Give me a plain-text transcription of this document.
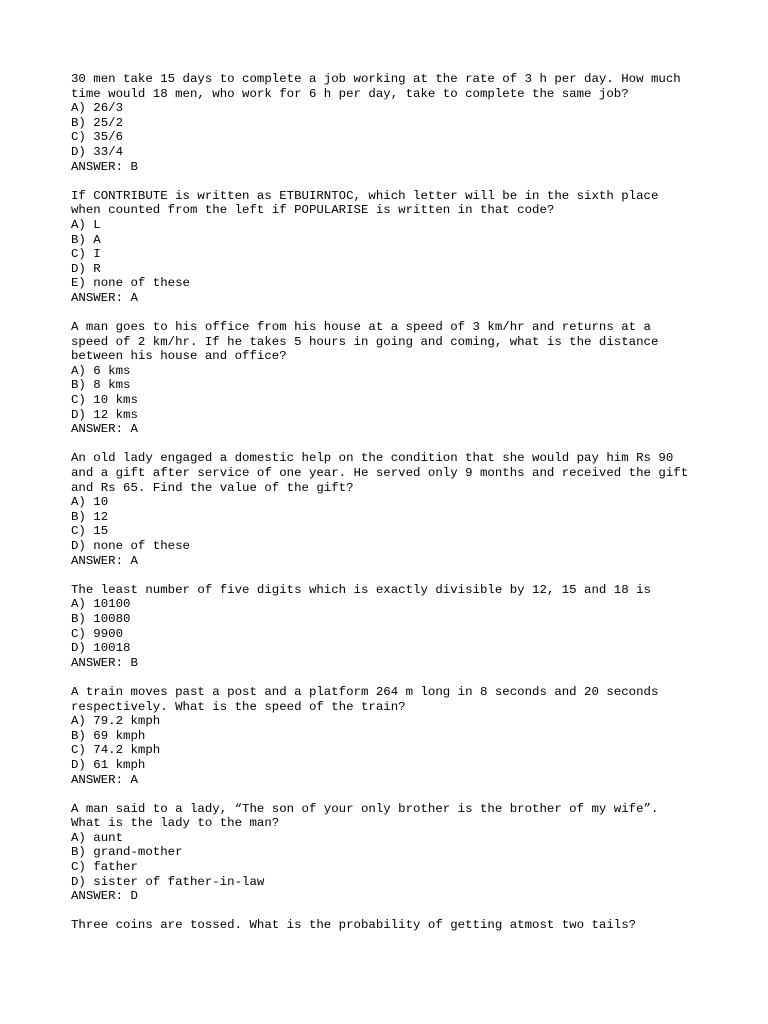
30 men take 15 days to complete a job working at the rate of 3 h per day. How much
time would 18 men, who work for 6 h per day, take to complete the same job?
A) 26/3
B) 25/2
C) 35/6
D) 33/4
ANSWER: B
If CONTRIBUTE is written as ETBUIRNTOC, which letter will be in the sixth place
when counted from the left if POPULARISE is written in that code?
A) L
B) A
C) I
D) R
E) none of these
ANSWER: A
A man goes to his office from his house at a speed of 3 km/hr and returns at a
speed of 2 km/hr. If he takes 5 hours in going and coming, what is the distance
between his house and office?
A) 6 kms
B) 8 kms
C) 10 kms
D) 12 kms
ANSWER: A
An old lady engaged a domestic help on the condition that she would pay him Rs 90
and a gift after service of one year. He served only 9 months and received the gift
and Rs 65. Find the value of the gift?
A) 10
B) 12
C) 15
D) none of these
ANSWER: A
The least number of five digits which is exactly divisible by 12, 15 and 18 is
A) 10100
B) 10080
C) 9900
D) 10018
ANSWER: B
A train moves past a post and a platform 264 m long in 8 seconds and 20 seconds
respectively. What is the speed of the train?
A) 79.2 kmph
B) 69 kmph
C) 74.2 kmph
D) 61 kmph
ANSWER: A
A man said to a lady, “The son of your only brother is the brother of my wife”.
What is the lady to the man?
A) aunt
B) grand-mother
C) father
D) sister of father-in-law
ANSWER: D
Three coins are tossed. What is the probability of getting atmost two tails?
